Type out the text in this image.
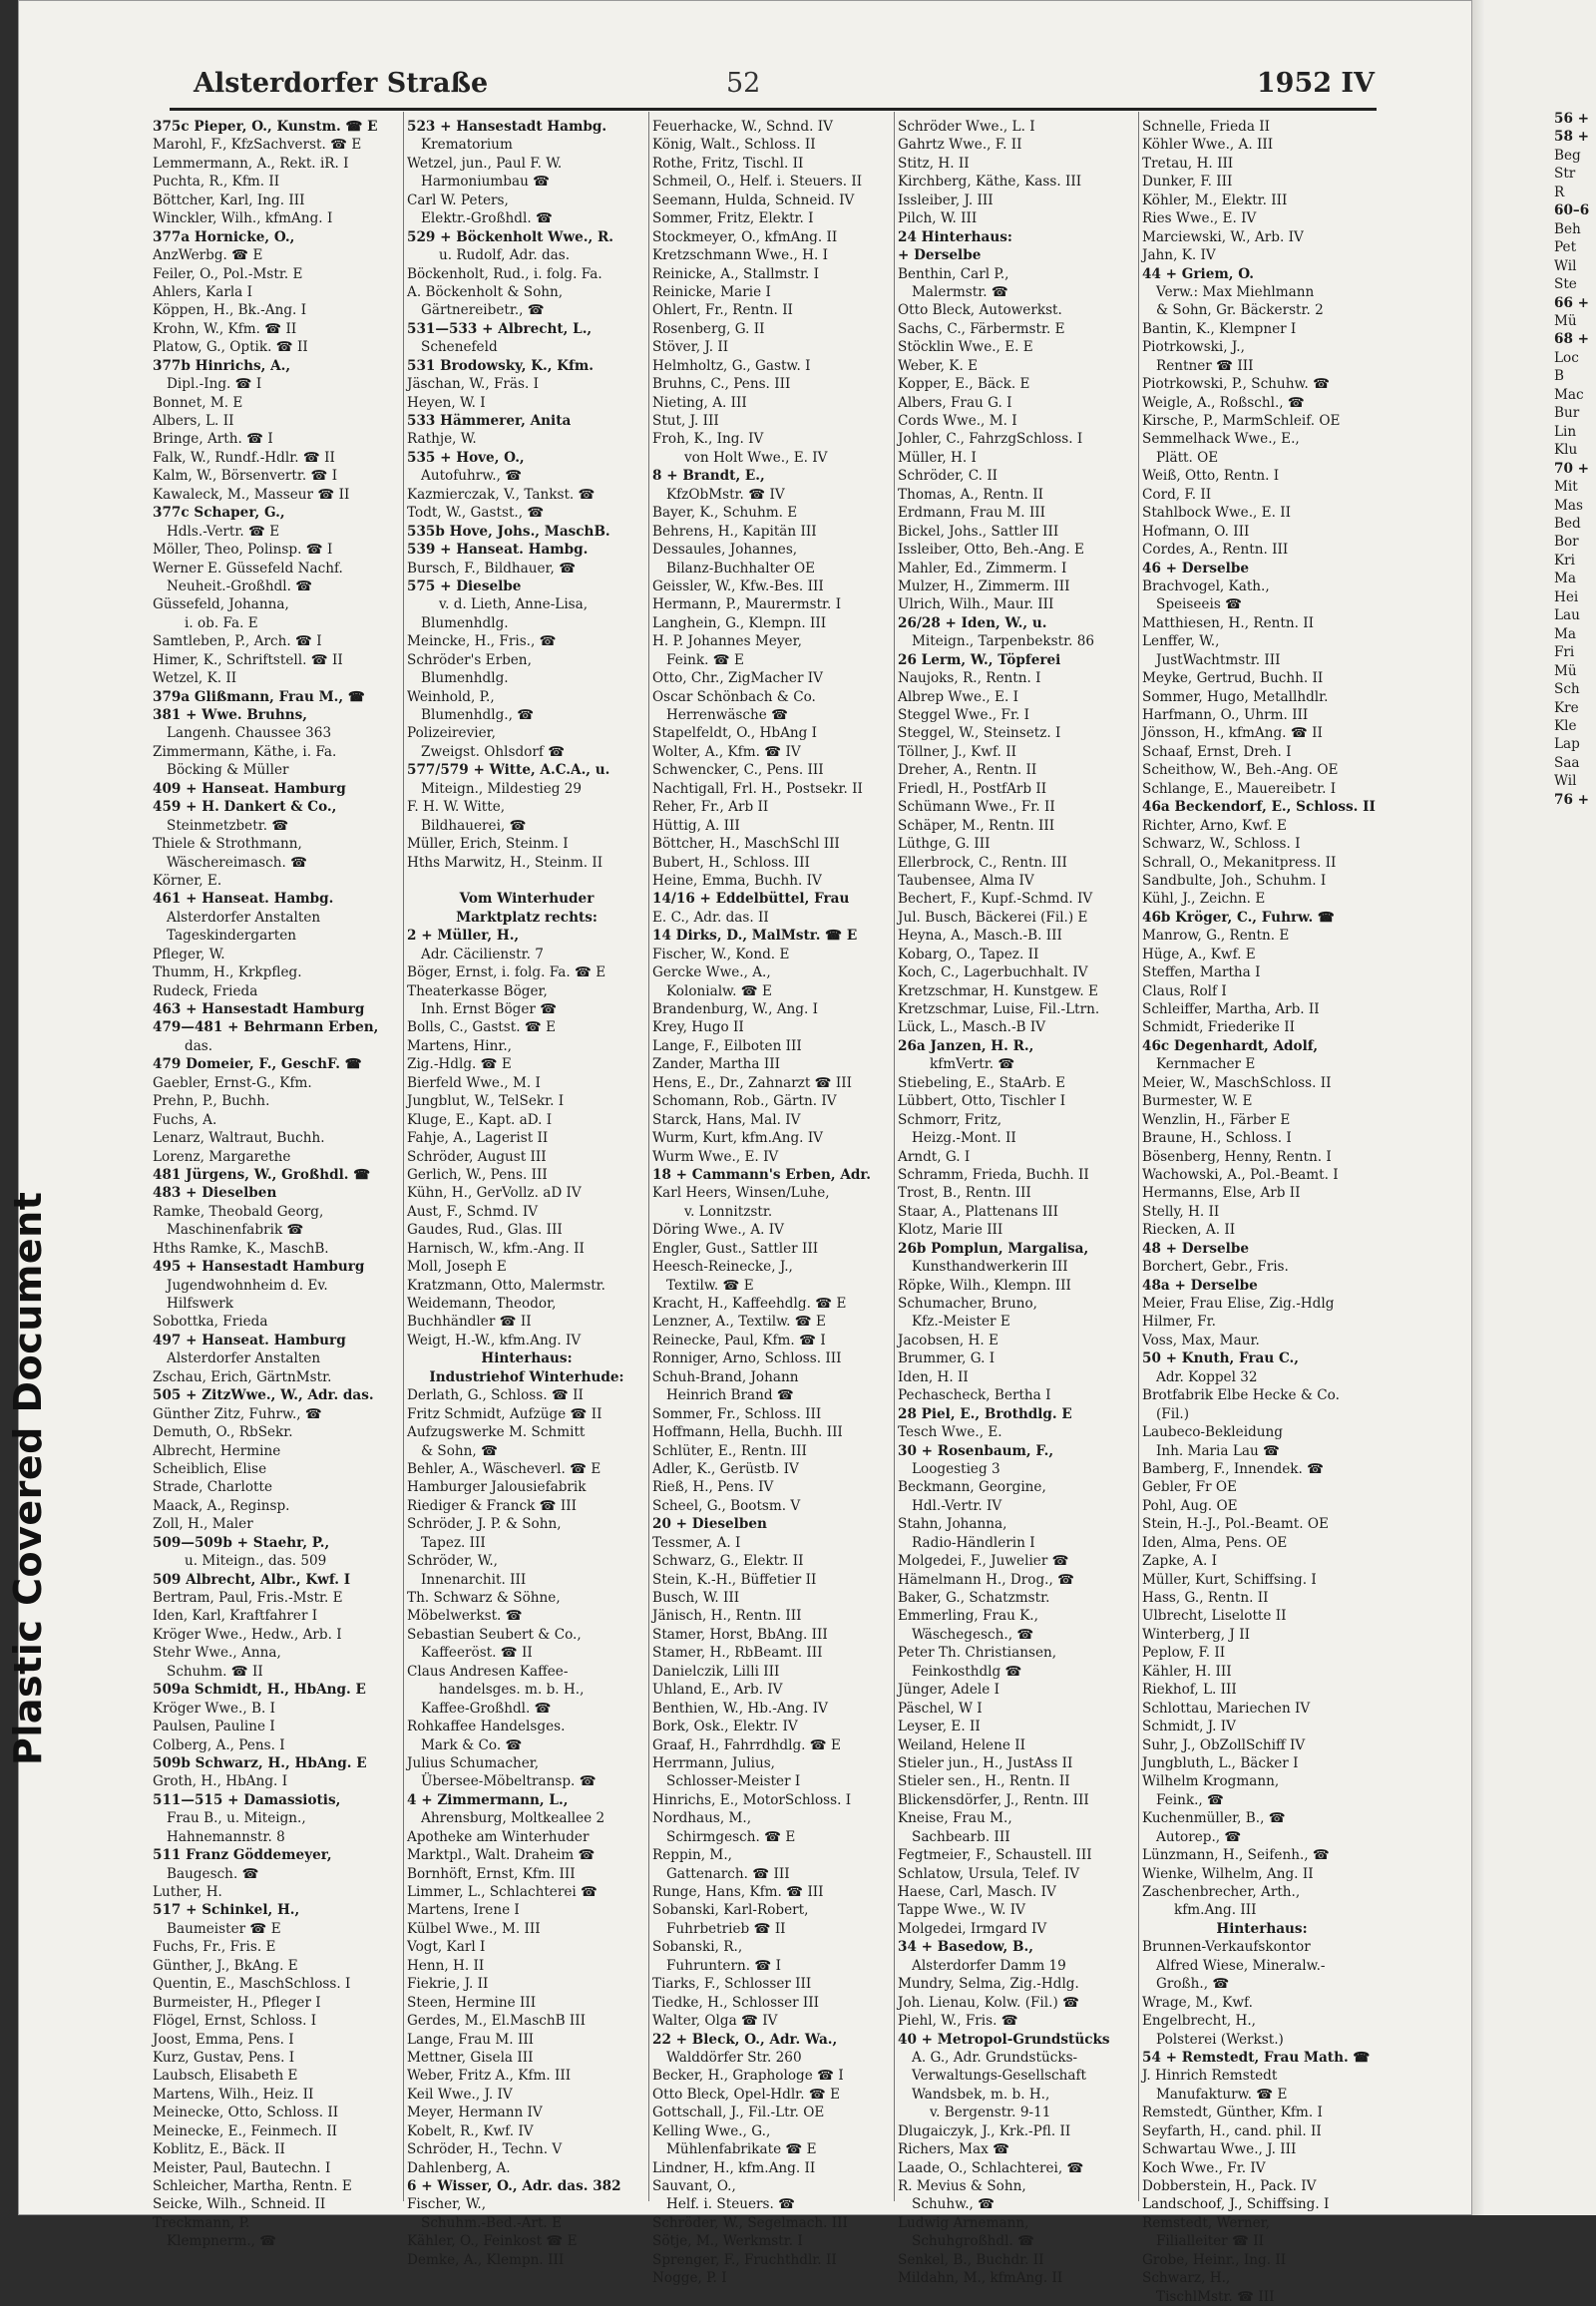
Plastic Covered Document
Alsterdorfer Straße	52	1952 IV
375c Pieper, O., Kunstm. ☎ E
Marohl, F., KfzSachverst. ☎ E
Lemmermann, A., Rekt. iR. I
Puchta, R., Kfm. II
Böttcher, Karl, Ing. III
Winckler, Wilh., kfmAng. I
377a Hornicke, O.,
AnzWerbg. ☎ E
Feiler, O., Pol.-Mstr. E
Ahlers, Karla I
Köppen, H., Bk.-Ang. I
Krohn, W., Kfm. ☎ II
Platow, G., Optik. ☎ II
377b Hinrichs, A.,
Dipl.-Ing. ☎ I
Bonnet, M. E
Albers, L. II
Bringe, Arth. ☎ I
Falk, W., Rundf.-Hdlr. ☎ II
Kalm, W., Börsenvertr. ☎ I
Kawaleck, M., Masseur ☎ II
377c Schaper, G.,
Hdls.-Vertr. ☎ E
Möller, Theo, Polinsp. ☎ I
Werner E. Güssefeld Nachf.
Neuheit.-Großhdl. ☎
Güssefeld, Johanna,
i. ob. Fa. E
Samtleben, P., Arch. ☎ I
Himer, K., Schriftstell. ☎ II
Wetzel, K. II
379a Glißmann, Frau M., ☎
381 + Wwe. Bruhns,
Langenh. Chaussee 363
Zimmermann, Käthe, i. Fa.
Böcking & Müller
409 + Hanseat. Hamburg
459 + H. Dankert & Co.,
Steinmetzbetr. ☎
Thiele & Strothmann,
Wäschereimasch. ☎
Körner, E.
461 + Hanseat. Hambg.
Alsterdorfer Anstalten
Tageskindergarten
Pfleger, W.
Thumm, H., Krkpfleg.
Rudeck, Frieda
463 + Hansestadt Hamburg
479—481 + Behrmann Erben,
das.
479 Domeier, F., GeschF. ☎
Gaebler, Ernst-G., Kfm.
Prehn, P., Buchh.
Fuchs, A.
Lenarz, Waltraut, Buchh.
Lorenz, Margarethe
481 Jürgens, W., Großhdl. ☎
483 + Dieselben
Ramke, Theobald Georg,
Maschinenfabrik ☎
Hths Ramke, K., MaschB.
495 + Hansestadt Hamburg
Jugendwohnheim d. Ev.
Hilfswerk
Sobottka, Frieda
497 + Hanseat. Hamburg
Alsterdorfer Anstalten
Zschau, Erich, GärtnMstr.
505 + ZitzWwe., W., Adr. das.
Günther Zitz, Fuhrw., ☎
Demuth, O., RbSekr.
Albrecht, Hermine
Scheiblich, Elise
Strade, Charlotte
Maack, A., Reginsp.
Zoll, H., Maler
509—509b + Staehr, P.,
u. Miteign., das. 509
509 Albrecht, Albr., Kwf. I
Bertram, Paul, Fris.-Mstr. E
Iden, Karl, Kraftfahrer I
Kröger Wwe., Hedw., Arb. I
Stehr Wwe., Anna,
Schuhm. ☎ II
509a Schmidt, H., HbAng. E
Kröger Wwe., B. I
Paulsen, Pauline I
Colberg, A., Pens. I
509b Schwarz, H., HbAng. E
Groth, H., HbAng. I
511—515 + Damassiotis,
Frau B., u. Miteign.,
Hahnemannstr. 8
511 Franz Göddemeyer,
Baugesch. ☎
Luther, H.
517 + Schinkel, H.,
Baumeister ☎ E
Fuchs, Fr., Fris. E
Günther, J., BkAng. E
Quentin, E., MaschSchloss. I
Burmeister, H., Pfleger I
Flögel, Ernst, Schloss. I
Joost, Emma, Pens. I
Kurz, Gustav, Pens. I
Laubsch, Elisabeth E
Martens, Wilh., Heiz. II
Meinecke, Otto, Schloss. II
Meinecke, E., Feinmech. II
Koblitz, E., Bäck. II
Meister, Paul, Bautechn. I
Schleicher, Martha, Rentn. E
Seicke, Wilh., Schneid. II
Treckmann, P.
Klempnerm., ☎
523 + Hansestadt Hambg.
Krematorium
Wetzel, jun., Paul F. W.
Harmoniumbau ☎
Carl W. Peters,
Elektr.-Großhdl. ☎
529 + Böckenholt Wwe., R.
u. Rudolf, Adr. das.
Böckenholt, Rud., i. folg. Fa.
A. Böckenholt & Sohn,
Gärtnereibetr., ☎
531—533 + Albrecht, L.,
Schenefeld
531 Brodowsky, K., Kfm.
Jäschan, W., Fräs. I
Heyen, W. I
533 Hämmerer, Anita
Rathje, W.
535 + Hove, O.,
Autofuhrw., ☎
Kazmierczak, V., Tankst. ☎
Todt, W., Gastst., ☎
535b Hove, Johs., MaschB.
539 + Hanseat. Hambg.
Bursch, F., Bildhauer, ☎
575 + Dieselbe
v. d. Lieth, Anne-Lisa,
Blumenhdlg.
Meincke, H., Fris., ☎
Schröder's Erben,
Blumenhdlg.
Weinhold, P.,
Blumenhdlg., ☎
Polizeirevier,
Zweigst. Ohlsdorf ☎
577/579 + Witte, A.C.A., u.
Miteign., Mildestieg 29
F. H. W. Witte,
Bildhauerei, ☎
Müller, Erich, Steinm. I
Hths Marwitz, H., Steinm. II
Vom Winterhuder
Marktplatz rechts:
2 + Müller, H.,
Adr. Cäcilienstr. 7
Böger, Ernst, i. folg. Fa. ☎ E
Theaterkasse Böger,
Inh. Ernst Böger ☎
Bolls, C., Gastst. ☎ E
Martens, Hinr.,
Zig.-Hdlg. ☎ E
Bierfeld Wwe., M. I
Jungblut, W., TelSekr. I
Kluge, E., Kapt. aD. I
Fahje, A., Lagerist II
Schröder, August III
Gerlich, W., Pens. III
Kühn, H., GerVollz. aD IV
Aust, F., Schmd. IV
Gaudes, Rud., Glas. III
Harnisch, W., kfm.-Ang. II
Moll, Joseph E
Kratzmann, Otto, Malermstr.
Weidemann, Theodor,
Buchhändler ☎ II
Weigt, H.-W., kfm.Ang. IV
Hinterhaus:
Industriehof Winterhude:
Derlath, G., Schloss. ☎ II
Fritz Schmidt, Aufzüge ☎ II
Aufzugswerke M. Schmitt
& Sohn, ☎
Behler, A., Wäscheverl. ☎ E
Hamburger Jalousiefabrik
Riediger & Franck ☎ III
Schröder, J. P. & Sohn,
Tapez. III
Schröder, W.,
Innenarchit. III
Th. Schwarz & Söhne,
Möbelwerkst. ☎
Sebastian Seubert & Co.,
Kaffeeröst. ☎ II
Claus Andresen Kaffee-
handelsges. m. b. H.,
Kaffee-Großhdl. ☎
Rohkaffee Handelsges.
Mark & Co. ☎
Julius Schumacher,
Übersee-Möbeltransp. ☎
4 + Zimmermann, L.,
Ahrensburg, Moltkeallee 2
Apotheke am Winterhuder
Marktpl., Walt. Draheim ☎
Bornhöft, Ernst, Kfm. III
Limmer, L., Schlachterei ☎
Martens, Irene I
Külbel Wwe., M. III
Vogt, Karl I
Henn, H. II
Fiekrie, J. II
Steen, Hermine III
Gerdes, M., El.MaschB III
Lange, Frau M. III
Mettner, Gisela III
Weber, Fritz A., Kfm. III
Keil Wwe., J. IV
Meyer, Hermann IV
Kobelt, R., Kwf. IV
Schröder, H., Techn. V
Dahlenberg, A.
6 + Wisser, O., Adr. das. 382
Fischer, W.,
Schuhm.-Bed.-Art. E
Kähler, O., Feinkost ☎ E
Demke, A., Klempn. III
Feuerhacke, W., Schnd. IV
König, Walt., Schloss. II
Rothe, Fritz, Tischl. II
Schmeil, O., Helf. i. Steuers. II
Seemann, Hulda, Schneid. IV
Sommer, Fritz, Elektr. I
Stockmeyer, O., kfmAng. II
Kretzschmann Wwe., H. I
Reinicke, A., Stallmstr. I
Reinicke, Marie I
Ohlert, Fr., Rentn. II
Rosenberg, G. II
Stöver, J. II
Helmholtz, G., Gastw. I
Bruhns, C., Pens. III
Nieting, A. III
Stut, J. III
Froh, K., Ing. IV
von Holt Wwe., E. IV
8 + Brandt, E.,
KfzObMstr. ☎ IV
Bayer, K., Schuhm. E
Behrens, H., Kapitän III
Dessaules, Johannes,
Bilanz-Buchhalter OE
Geissler, W., Kfw.-Bes. III
Hermann, P., Maurermstr. I
Langhein, G., Klempn. III
H. P. Johannes Meyer,
Feink. ☎ E
Otto, Chr., ZigMacher IV
Oscar Schönbach & Co.
Herrenwäsche ☎
Stapelfeldt, O., HbAng I
Wolter, A., Kfm. ☎ IV
Schwencker, C., Pens. III
Nachtigall, Frl. H., Postsekr. II
Reher, Fr., Arb II
Hüttig, A. III
Böttcher, H., MaschSchl III
Bubert, H., Schloss. III
Heine, Emma, Buchh. IV
14/16 + Eddelbüttel, Frau
E. C., Adr. das. II
14 Dirks, D., MalMstr. ☎ E
Fischer, W., Kond. E
Gercke Wwe., A.,
Kolonialw. ☎ E
Brandenburg, W., Ang. I
Krey, Hugo II
Lange, F., Eilboten III
Zander, Martha III
Hens, E., Dr., Zahnarzt ☎ III
Schomann, Rob., Gärtn. IV
Starck, Hans, Mal. IV
Wurm, Kurt, kfm.Ang. IV
Wurm Wwe., E. IV
18 + Cammann's Erben, Adr.
Karl Heers, Winsen/Luhe,
v. Lonnitzstr.
Döring Wwe., A. IV
Engler, Gust., Sattler III
Heesch-Reinecke, J.,
Textilw. ☎ E
Kracht, H., Kaffeehdlg. ☎ E
Lenzner, A., Textilw. ☎ E
Reinecke, Paul, Kfm. ☎ I
Ronniger, Arno, Schloss. III
Schuh-Brand, Johann
Heinrich Brand ☎
Sommer, Fr., Schloss. III
Hoffmann, Hella, Buchh. III
Schlüter, E., Rentn. III
Adler, K., Gerüstb. IV
Rieß, H., Pens. IV
Scheel, G., Bootsm. V
20 + Dieselben
Tessmer, A. I
Schwarz, G., Elektr. II
Stein, K.-H., Büffetier II
Busch, W. III
Jänisch, H., Rentn. III
Stamer, Horst, BbAng. III
Stamer, H., RbBeamt. III
Danielczik, Lilli III
Uhland, E., Arb. IV
Benthien, W., Hb.-Ang. IV
Bork, Osk., Elektr. IV
Graaf, H., Fahrrdhdlg. ☎ E
Herrmann, Julius,
Schlosser-Meister I
Hinrichs, E., MotorSchloss. I
Nordhaus, M.,
Schirmgesch. ☎ E
Reppin, M.,
Gattenarch. ☎ III
Runge, Hans, Kfm. ☎ III
Sobanski, Karl-Robert,
Fuhrbetrieb ☎ II
Sobanski, R.,
Fuhruntern. ☎ I
Tiarks, F., Schlosser III
Tiedke, H., Schlosser III
Walter, Olga ☎ IV
22 + Bleck, O., Adr. Wa.,
Walddörfer Str. 260
Becker, H., Graphologe ☎ I
Otto Bleck, Opel-Hdlr. ☎ E
Gottschall, J., Fil.-Ltr. OE
Kelling Wwe., G.,
Mühlenfabrikate ☎ E
Lindner, H., kfm.Ang. II
Sauvant, O.,
Helf. i. Steuers. ☎
Schröder, W., Segelmach. III
Sötje, M., Werkmstr. I
Sprenger, F., Fruchthdlr. II
Nogge, P. I
Schröder Wwe., L. I
Gahrtz Wwe., F. II
Stitz, H. II
Kirchberg, Käthe, Kass. III
Issleiber, J. III
Pilch, W. III
24 Hinterhaus:
+ Derselbe
Benthin, Carl P.,
Malermstr. ☎
Otto Bleck, Autowerkst.
Sachs, C., Färbermstr. E
Stöcklin Wwe., E. E
Weber, K. E
Kopper, E., Bäck. E
Albers, Frau G. I
Cords Wwe., M. I
Johler, C., FahrzgSchloss. I
Müller, H. I
Schröder, C. II
Thomas, A., Rentn. II
Erdmann, Frau M. III
Bickel, Johs., Sattler III
Issleiber, Otto, Beh.-Ang. E
Mahler, Ed., Zimmerm. I
Mulzer, H., Zimmerm. III
Ulrich, Wilh., Maur. III
26/28 + Iden, W., u.
Miteign., Tarpenbekstr. 86
26 Lerm, W., Töpferei
Naujoks, R., Rentn. I
Albrep Wwe., E. I
Steggel Wwe., Fr. I
Steggel, W., Steinsetz. I
Töllner, J., Kwf. II
Dreher, A., Rentn. II
Friedl, H., PostfArb II
Schümann Wwe., Fr. II
Schäper, M., Rentn. III
Lüthge, G. III
Ellerbrock, C., Rentn. III
Taubensee, Alma IV
Bechert, F., Kupf.-Schmd. IV
Jul. Busch, Bäckerei (Fil.) E
Heyna, A., Masch.-B. III
Kobarg, O., Tapez. II
Koch, C., Lagerbuchhalt. IV
Kretzschmar, H. Kunstgew. E
Kretzschmar, Luise, Fil.-Ltrn.
Lück, L., Masch.-B IV
26a Janzen, H. R.,
kfmVertr. ☎
Stiebeling, E., StaArb. E
Lübbert, Otto, Tischler I
Schmorr, Fritz,
Heizg.-Mont. II
Arndt, G. I
Schramm, Frieda, Buchh. II
Trost, B., Rentn. III
Staar, A., Plattenans III
Klotz, Marie III
26b Pomplun, Margalisa,
Kunsthandwerkerin III
Röpke, Wilh., Klempn. III
Schumacher, Bruno,
Kfz.-Meister E
Jacobsen, H. E
Brummer, G. I
Iden, H. II
Pechascheck, Bertha I
28 Piel, E., Brothdlg. E
Tesch Wwe., E.
30 + Rosenbaum, F.,
Loogestieg 3
Beckmann, Georgine,
Hdl.-Vertr. IV
Stahn, Johanna,
Radio-Händlerin I
Molgedei, F., Juwelier ☎
Hämelmann H., Drog., ☎
Baker, G., Schatzmstr.
Emmerling, Frau K.,
Wäschegesch., ☎
Peter Th. Christiansen,
Feinkosthdlg ☎
Jünger, Adele I
Päschel, W I
Leyser, E. II
Weiland, Helene II
Stieler jun., H., JustAss II
Stieler sen., H., Rentn. II
Blickensdörfer, J., Rentn. III
Kneise, Frau M.,
Sachbearb. III
Fegtmeier, F., Schaustell. III
Schlatow, Ursula, Telef. IV
Haese, Carl, Masch. IV
Tappe Wwe., W. IV
Molgedei, Irmgard IV
34 + Basedow, B.,
Alsterdorfer Damm 19
Mundry, Selma, Zig.-Hdlg.
Joh. Lienau, Kolw. (Fil.) ☎
Piehl, W., Fris. ☎
40 + Metropol-Grundstücks
A. G., Adr. Grundstücks-
Verwaltungs-Gesellschaft
Wandsbek, m. b. H.,
v. Bergenstr. 9-11
Dlugaiczyk, J., Krk.-Pfl. II
Richers, Max ☎
Laade, O., Schlachterei, ☎
R. Mevius & Sohn,
Schuhw., ☎
Ludwig Arnemann,
Schuhgroßhdl. ☎
Senkel, B., Buchdr. II
Mildahn, M., kfmAng. II
Schnelle, Frieda II
Köhler Wwe., A. III
Tretau, H. III
Dunker, F. III
Köhler, M., Elektr. III
Ries Wwe., E. IV
Marciewski, W., Arb. IV
Jahn, K. IV
44 + Griem, O.
Verw.: Max Miehlmann
& Sohn, Gr. Bäckerstr. 2
Bantin, K., Klempner I
Piotrkowski, J.,
Rentner ☎ III
Piotrkowski, P., Schuhw. ☎
Weigle, A., Roßschl., ☎
Kirsche, P., MarmSchleif. OE
Semmelhack Wwe., E.,
Plätt. OE
Weiß, Otto, Rentn. I
Cord, F. II
Stahlbock Wwe., E. II
Hofmann, O. III
Cordes, A., Rentn. III
46 + Derselbe
Brachvogel, Kath.,
Speiseeis ☎
Matthiesen, H., Rentn. II
Lenffer, W.,
JustWachtmstr. III
Meyke, Gertrud, Buchh. II
Sommer, Hugo, Metallhdlr.
Harfmann, O., Uhrm. III
Jönsson, H., kfmAng. ☎ II
Schaaf, Ernst, Dreh. I
Scheithow, W., Beh.-Ang. OE
Schlange, E., Mauereibetr. I
46a Beckendorf, E., Schloss. II
Richter, Arno, Kwf. E
Schwarz, W., Schloss. I
Schrall, O., Mekanitpress. II
Sandbulte, Joh., Schuhm. I
Kühl, J., Zeichn. E
46b Kröger, C., Fuhrw. ☎
Manrow, G., Rentn. E
Hüge, A., Kwf. E
Steffen, Martha I
Claus, Rolf I
Schleiffer, Martha, Arb. II
Schmidt, Friederike II
46c Degenhardt, Adolf,
Kernmacher E
Meier, W., MaschSchloss. II
Burmester, W. E
Wenzlin, H., Färber E
Braune, H., Schloss. I
Bösenberg, Henny, Rentn. I
Wachowski, A., Pol.-Beamt. I
Hermanns, Else, Arb II
Stelly, H. II
Riecken, A. II
48 + Derselbe
Borchert, Gebr., Fris.
48a + Derselbe
Meier, Frau Elise, Zig.-Hdlg
Hilmer, Fr.
Voss, Max, Maur.
50 + Knuth, Frau C.,
Adr. Koppel 32
Brotfabrik Elbe Hecke & Co.
(Fil.)
Laubeco-Bekleidung
Inh. Maria Lau ☎
Bamberg, F., Innendek. ☎
Gebler, Fr OE
Pohl, Aug. OE
Stein, H.-J., Pol.-Beamt. OE
Iden, Alma, Pens. OE
Zapke, A. I
Müller, Kurt, Schiffsing. I
Hass, G., Rentn. II
Ulbrecht, Liselotte II
Winterberg, J II
Peplow, F. II
Kähler, H. III
Riekhof, L. III
Schlottau, Mariechen IV
Schmidt, J. IV
Suhr, J., ObZollSchiff IV
Jungbluth, L., Bäcker I
Wilhelm Krogmann,
Feink., ☎
Kuchenmüller, B., ☎
Autorep., ☎
Lünzmann, H., Seifenh., ☎
Wienke, Wilhelm, Ang. II
Zaschenbrecher, Arth.,
kfm.Ang. III
Hinterhaus:
Brunnen-Verkaufskontor
Alfred Wiese, Mineralw.-
Großh., ☎
Wrage, M., Kwf.
Engelbrecht, H.,
Polsterei (Werkst.)
54 + Remstedt, Frau Math. ☎
J. Hinrich Remstedt
Manufakturw. ☎ E
Remstedt, Günther, Kfm. I
Seyfarth, H., cand. phil. II
Schwartau Wwe., J. III
Koch Wwe., Fr. IV
Dobberstein, H., Pack. IV
Landschoof, J., Schiffsing. I
Remstedt, Werner,
Filialleiter ☎ II
Grobe, Heinr., Ing. II
Schwarz, H.,
TischlMstr. ☎ III
56 +
58 +
Beg
Str
R
60–6
Beh
Pet
Wil
Ste
66 +
Mü
68 +
Loc
B
Mac
Bur
Lin
Klu
70 +
Mit
Mas
Bed
Bor
Kri
Ma
Hei
Lau
Ma
Fri
Mü
Sch
Kre
Kle
Lap
Saa
Wil
76 +
